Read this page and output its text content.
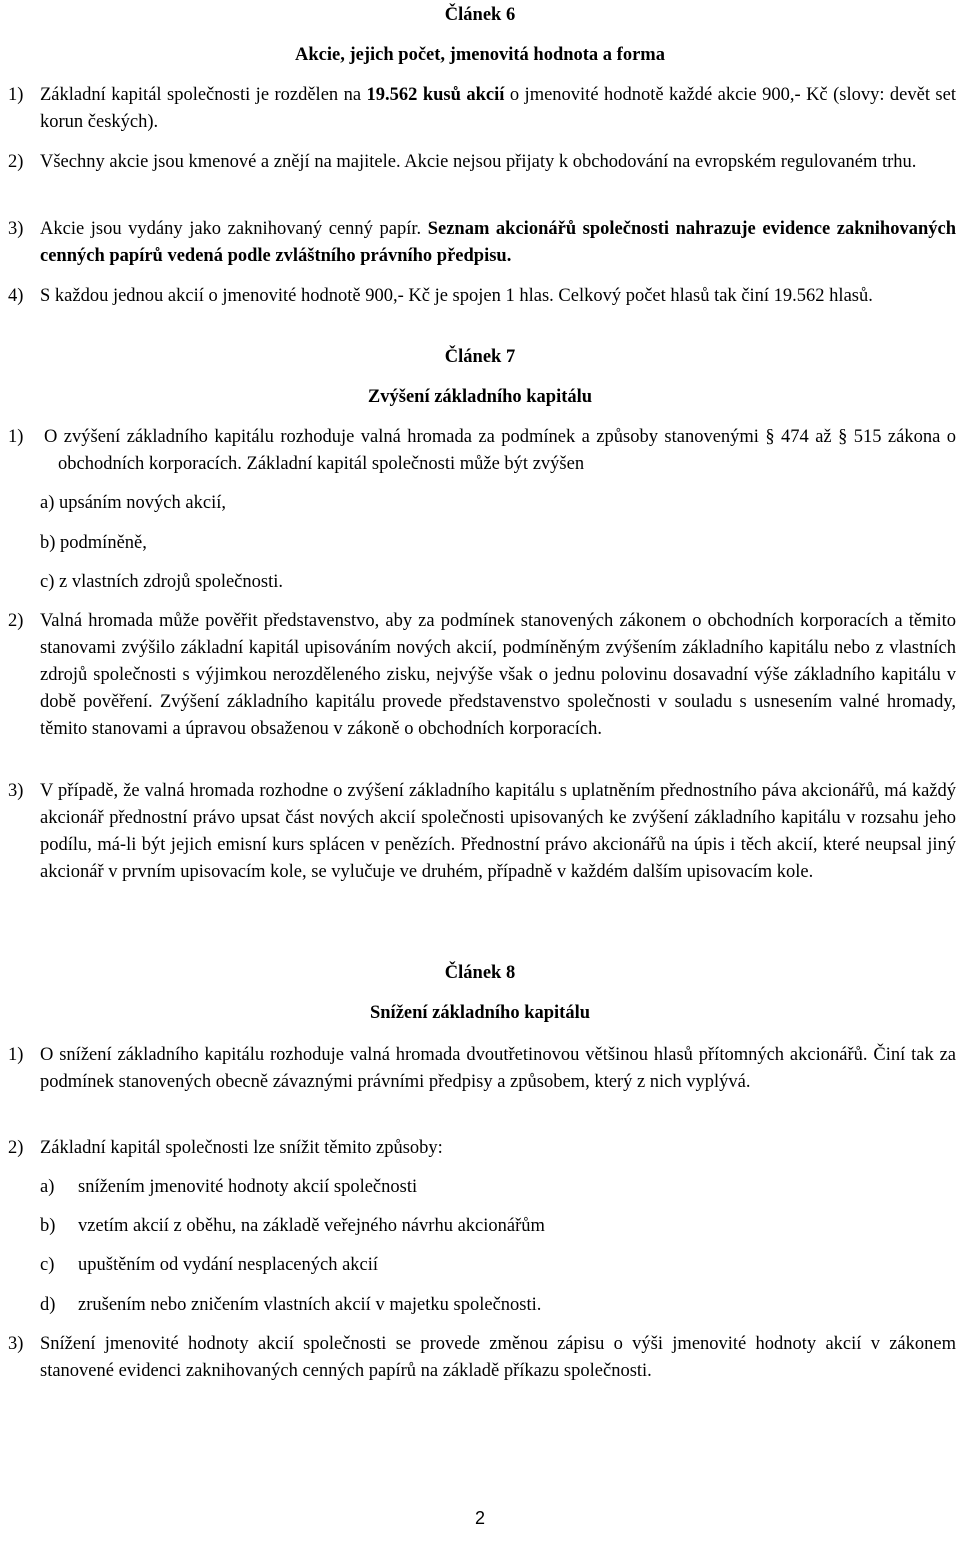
Článek 6
Akcie, jejich počet, jmenovitá hodnota a forma
1) Základní kapitál společnosti je rozdělen na 19.562 kusů akcií o jmenovité hodnotě každé akcie 900,- Kč (slovy: devět set korun českých).
2) Všechny akcie jsou kmenové a znějí na majitele. Akcie nejsou přijaty k obchodování na evropském regulovaném trhu.
3) Akcie jsou vydány jako zaknihovaný cenný papír. Seznam akcionářů společnosti nahrazuje evidence zaknihovaných cenných papírů vedená podle zvláštního právního předpisu.
4) S každou jednou akcií o jmenovité hodnotě 900,- Kč je spojen 1 hlas. Celkový počet hlasů tak činí 19.562 hlasů.
Článek 7
Zvýšení základního kapitálu
1) O zvýšení základního kapitálu rozhoduje valná hromada za podmínek a způsoby stanovenými § 474 až § 515 zákona o obchodních korporacích. Základní kapitál společnosti může být zvýšen
a) upsáním nových akcií,
b) podmíněně,
c) z vlastních zdrojů společnosti.
2) Valná hromada může pověřit představenstvo, aby za podmínek stanovených zákonem o obchodních korporacích a těmito stanovami zvýšilo základní kapitál upisováním nových akcií, podmíněným zvýšením základního kapitálu nebo z vlastních zdrojů společnosti s výjimkou nerozděleného zisku, nejvýše však o jednu polovinu dosavadní výše základního kapitálu v době pověření. Zvýšení základního kapitálu provede představenstvo společnosti v souladu s usnesením valné hromady, těmito stanovami a úpravou obsaženou v zákoně o obchodních korporacích.
3) V případě, že valná hromada rozhodne o zvýšení základního kapitálu s uplatněním přednostního páva akcionářů, má každý akcionář přednostní právo upsat část nových akcií společnosti upisovaných ke zvýšení základního kapitálu v rozsahu jeho podílu, má-li být jejich emisní kurs splácen v penězích. Přednostní právo akcionářů na úpis i těch akcií, které neupsal jiný akcionář v prvním upisovacím kole, se vylučuje ve druhém, případně v každém dalším upisovacím kole.
Článek 8
Snížení základního kapitálu
1) O snížení základního kapitálu rozhoduje valná hromada dvoutřetinovou většinou hlasů přítomných akcionářů. Činí tak za podmínek stanovených obecně závaznými právními předpisy a způsobem, který z nich vyplývá.
2) Základní kapitál společnosti lze snížit těmito způsoby:
a) snížením jmenovité hodnoty akcií společnosti
b) vzetím akcií z oběhu, na základě veřejného návrhu akcionářům
c) upuštěním od vydání nesplacených akcií
d) zrušením nebo zničením vlastních akcií v majetku společnosti.
3) Snížení jmenovité hodnoty akcií společnosti se provede změnou zápisu o výši jmenovité hodnoty akcií v zákonem stanovené evidenci zaknihovaných cenných papírů na základě příkazu společnosti.
2
